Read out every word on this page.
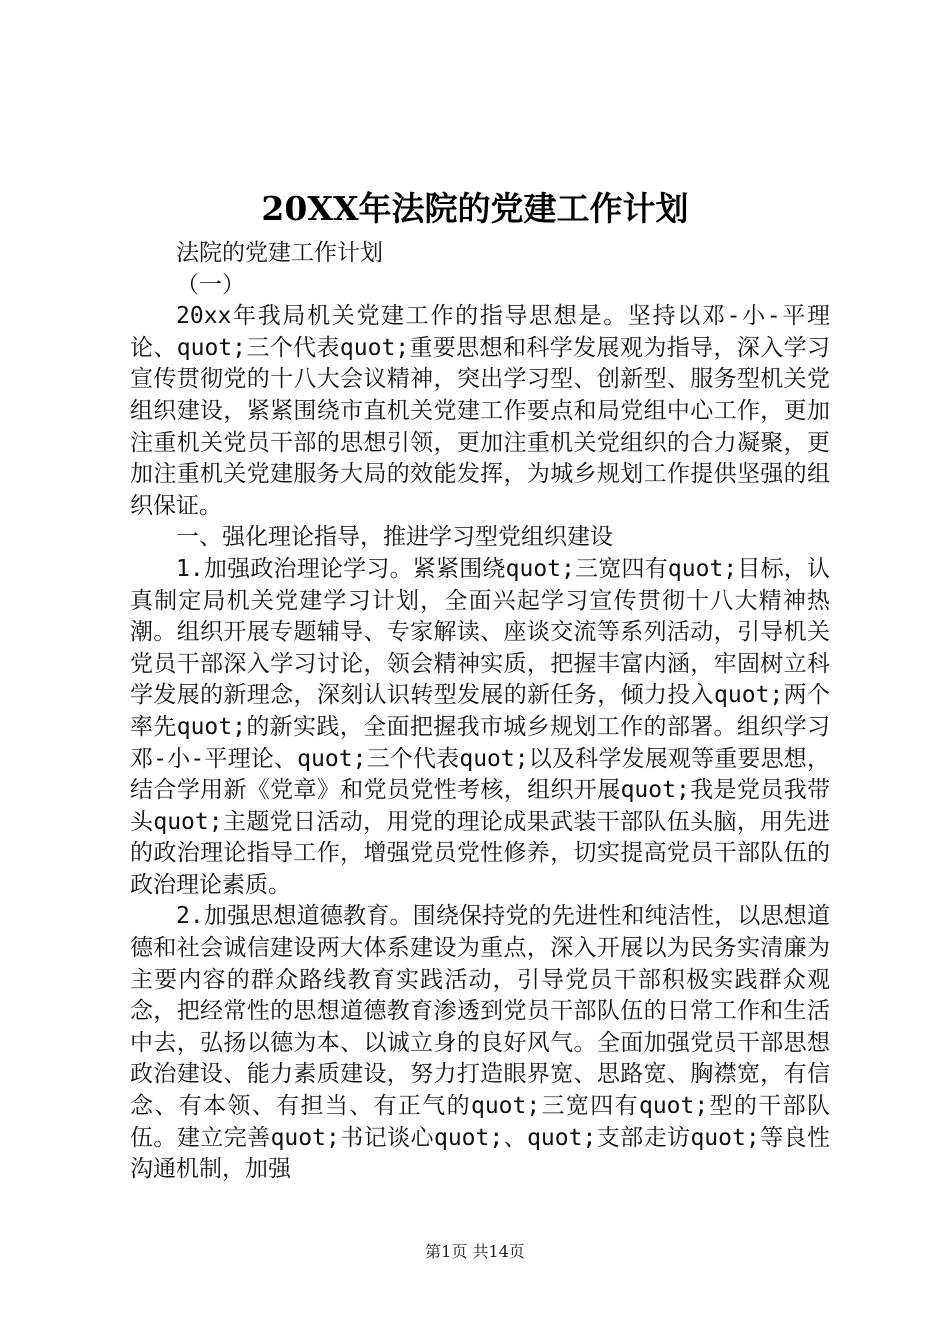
20XX年法院的党建工作计划

法院的党建工作计划

（一）

20xx年我局机关党建工作的指导思想是。坚持以邓-小-平理论、quot;三个代表quot;重要思想和科学发展观为指导，深入学习宣传贯彻党的十八大会议精神，突出学习型、创新型、服务型机关党组织建设，紧紧围绕市直机关党建工作要点和局党组中心工作，更加注重机关党员干部的思想引领，更加注重机关党组织的合力凝聚，更加注重机关党建服务大局的效能发挥，为城乡规划工作提供坚强的组织保证。

一、强化理论指导，推进学习型党组织建设

1.加强政治理论学习。紧紧围绕quot;三宽四有quot;目标，认真制定局机关党建学习计划，全面兴起学习宣传贯彻十八大精神热潮。组织开展专题辅导、专家解读、座谈交流等系列活动，引导机关党员干部深入学习讨论，领会精神实质，把握丰富内涵，牢固树立科学发展的新理念，深刻认识转型发展的新任务，倾力投入quot;两个率先quot;的新实践，全面把握我市城乡规划工作的部署。组织学习邓-小-平理论、quot;三个代表quot;以及科学发展观等重要思想，结合学用新《党章》和党员党性考核，组织开展quot;我是党员我带头quot;主题党日活动，用党的理论成果武装干部队伍头脑，用先进的政治理论指导工作，增强党员党性修养，切实提高党员干部队伍的政治理论素质。

2.加强思想道德教育。围绕保持党的先进性和纯洁性，以思想道德和社会诚信建设两大体系建设为重点，深入开展以为民务实清廉为主要内容的群众路线教育实践活动，引导党员干部积极实践群众观念，把经常性的思想道德教育渗透到党员干部队伍的日常工作和生活中去，弘扬以德为本、以诚立身的良好风气。全面加强党员干部思想政治建设、能力素质建设，努力打造眼界宽、思路宽、胸襟宽，有信念、有本领、有担当、有正气的quot;三宽四有quot;型的干部队伍。建立完善quot;书记谈心quot;、quot;支部走访quot;等良性沟通机制，加强

第1页 共14页
